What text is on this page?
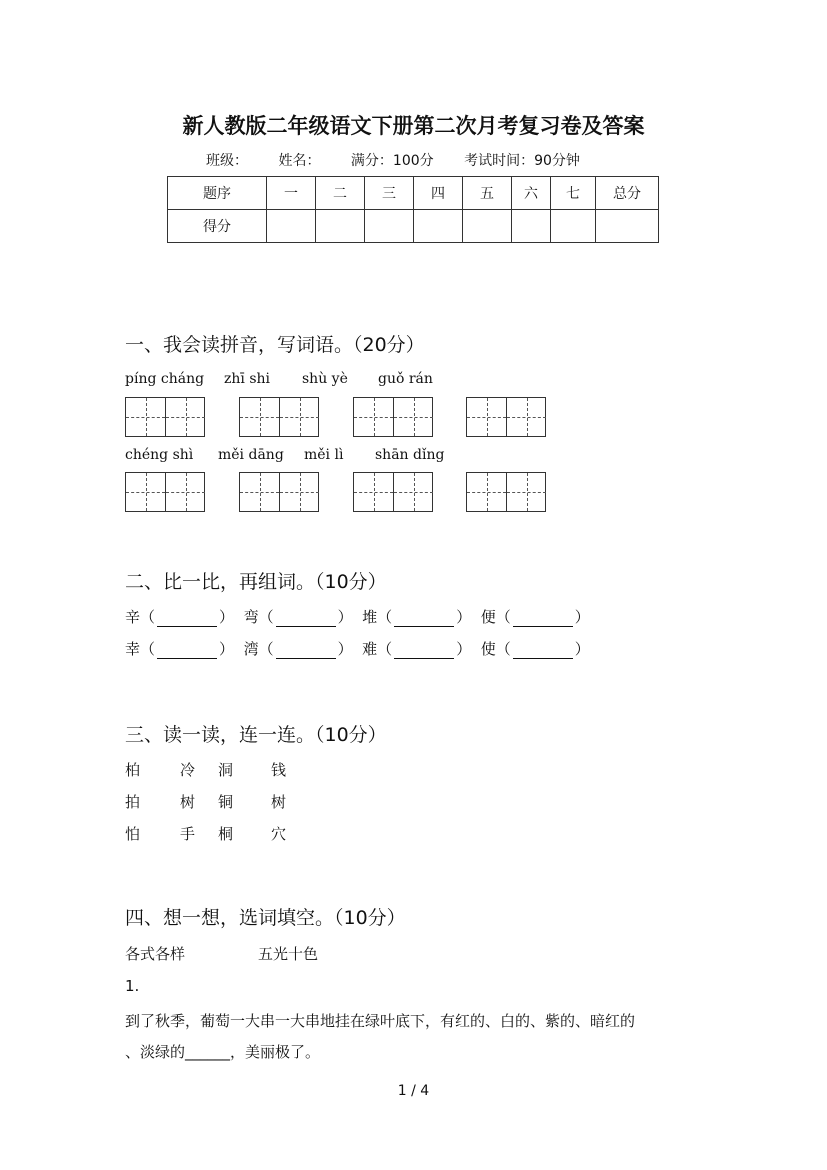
新人教版二年级语文下册第二次月考复习卷及答案
班级： 姓名： 满分：100分 考试时间：90分钟
题序	一	二	三	四	五	六	七	总分
得分								
一、我会读拼音，写词语。（20分）
píng cháng zhī shi shù yè guǒ rán
chéng shì měi dāng měi lì shān dǐng
二、比一比，再组词。（10分）
辛（	）  弯（	）  堆（	）  便（	）
幸（	）  湾（	）  难（	）  使（	）
三、读一读，连一连。（10分）
柏	冷 洞	钱
拍	树 铜	树
怕	手 桐	穴
四、想一想，选词填空。（10分）
各式各样	五光十色
1.
到了秋季，葡萄一大串一大串地挂在绿叶底下，有红的、白的、紫的、暗红的
、淡绿的______，美丽极了。
1 / 4
